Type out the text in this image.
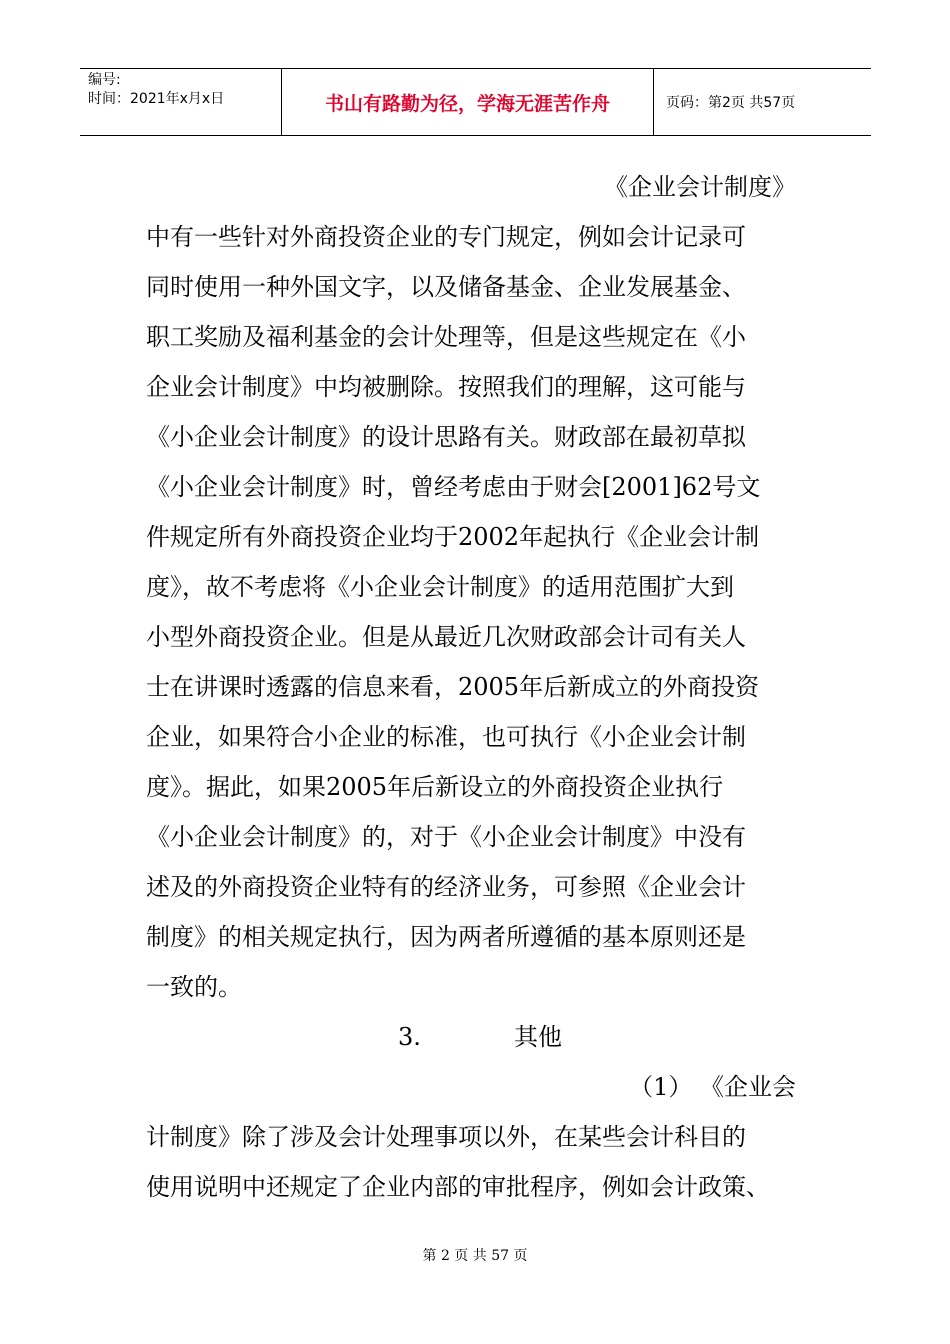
编号:
时间：2021年x月x日	书山有路勤为径，学海无涯苦作舟	页码：第2页 共57页
《企业会计制度》
中有一些针对外商投资企业的专门规定，例如会计记录可
同时使用一种外国文字，以及储备基金、企业发展基金、
职工奖励及福利基金的会计处理等，但是这些规定在《小
企业会计制度》中均被删除。按照我们的理解，这可能与
《小企业会计制度》的设计思路有关。财政部在最初草拟
《小企业会计制度》时，曾经考虑由于财会[2001]62号文
件规定所有外商投资企业均于2002年起执行《企业会计制
度》，故不考虑将《小企业会计制度》的适用范围扩大到
小型外商投资企业。但是从最近几次财政部会计司有关人
士在讲课时透露的信息来看，2005年后新成立的外商投资
企业，如果符合小企业的标准，也可执行《小企业会计制
度》。据此，如果2005年后新设立的外商投资企业执行
《小企业会计制度》的，对于《小企业会计制度》中没有
述及的外商投资企业特有的经济业务，可参照《企业会计
制度》的相关规定执行，因为两者所遵循的基本原则还是
一致的。
3.	其他
（1） 《企业会
计制度》除了涉及会计处理事项以外，在某些会计科目的
使用说明中还规定了企业内部的审批程序，例如会计政策、
第 2 页 共 57 页
